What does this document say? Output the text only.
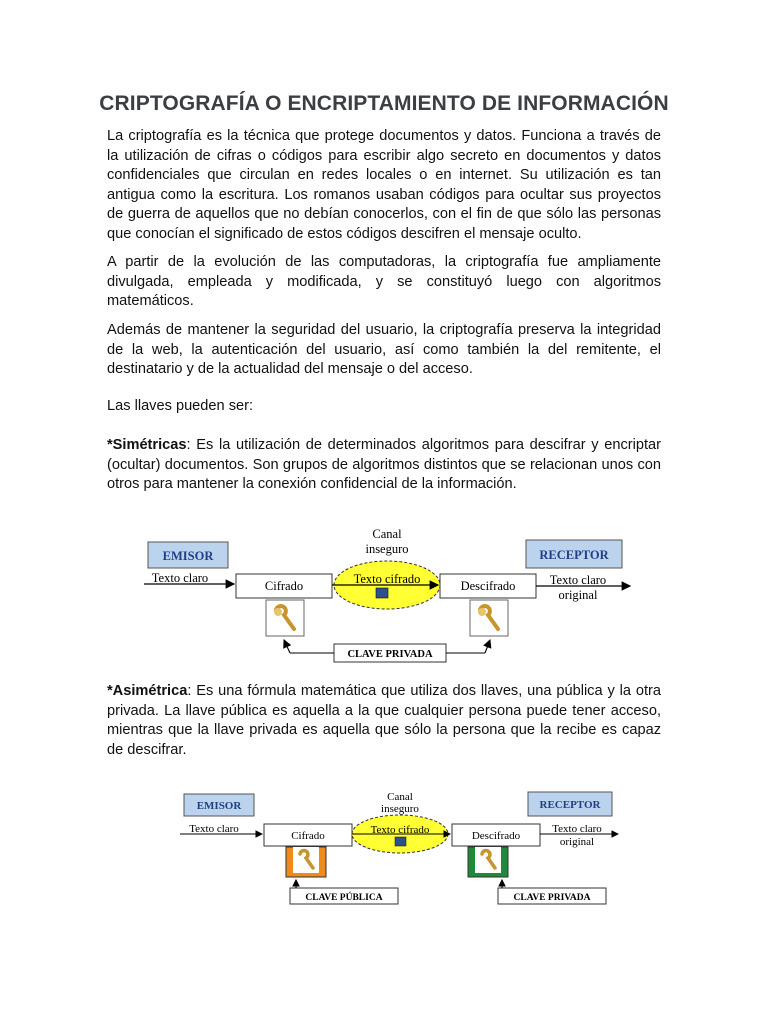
CRIPTOGRAFÍA O ENCRIPTAMIENTO DE INFORMACIÓN
La criptografía es la técnica que protege documentos y datos. Funciona a través de la utilización de cifras o códigos para escribir algo secreto en documentos y datos confidenciales que circulan en redes locales o en internet. Su utilización es tan antigua como la escritura. Los romanos usaban códigos para ocultar sus proyectos de guerra de aquellos que no debían conocerlos, con el fin de que sólo las personas que conocían el significado de estos códigos descifren el mensaje oculto.
A partir de la evolución de las computadoras, la criptografía fue ampliamente divulgada, empleada y modificada, y se constituyó luego con algoritmos matemáticos.
Además de mantener la seguridad del usuario, la criptografía preserva la integridad de la web, la autenticación del usuario, así como también la del remitente, el destinatario y de la actualidad del mensaje o del acceso.
Las llaves pueden ser:
*Simétricas: Es la utilización de determinados algoritmos para descifrar y encriptar (ocultar) documentos. Son grupos de algoritmos distintos que se relacionan unos con otros para mantener la conexión confidencial de la información.
EMISOR	RECEPTOR
Canal
inseguro
Texto claro
Cifrado	Texto cifrado	Descifrado	Texto claro
original
CLAVE PRIVADA
*Asimétrica: Es una fórmula matemática que utiliza dos llaves, una pública y la otra privada. La llave pública es aquella a la que cualquier persona puede tener acceso, mientras que la llave privada es aquella que sólo la persona que la recibe es capaz de descifrar.
EMISOR	RECEPTOR
Canal
inseguro
Texto claro
Cifrado	Texto cifrado	Descifrado
Texto claro
original
CLAVE PÚBLICA	CLAVE PRIVADA
